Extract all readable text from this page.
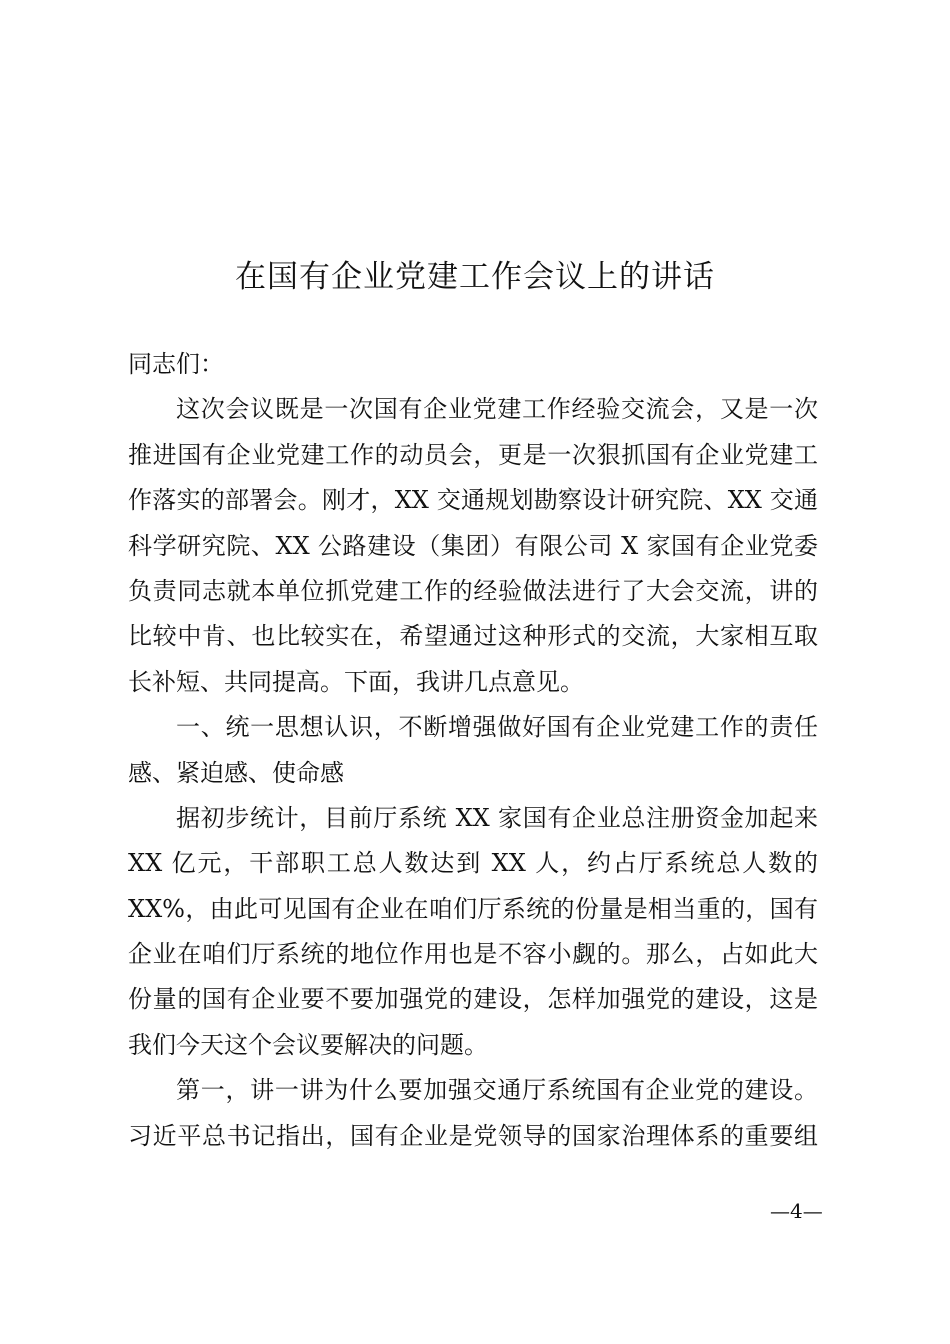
在国有企业党建工作会议上的讲话

同志们：

这次会议既是一次国有企业党建工作经验交流会，又是一次

推进国有企业党建工作的动员会，更是一次狠抓国有企业党建工

作落实的部署会。刚才，XX 交通规划勘察设计研究院、XX 交通

科学研究院、XX 公路建设（集团）有限公司 X 家国有企业党委

负责同志就本单位抓党建工作的经验做法进行了大会交流，讲的

比较中肯、也比较实在，希望通过这种形式的交流，大家相互取

长补短、共同提高。下面，我讲几点意见。

一、统一思想认识，不断增强做好国有企业党建工作的责任

感、紧迫感、使命感

据初步统计，目前厅系统 XX 家国有企业总注册资金加起来

XX 亿元，干部职工总人数达到 XX 人，约占厅系统总人数的

XX%，由此可见国有企业在咱们厅系统的份量是相当重的，国有

企业在咱们厅系统的地位作用也是不容小觑的。那么，占如此大

份量的国有企业要不要加强党的建设，怎样加强党的建设，这是

我们今天这个会议要解决的问题。

第一，讲一讲为什么要加强交通厅系统国有企业党的建设。

习近平总书记指出，国有企业是党领导的国家治理体系的重要组

—4—
